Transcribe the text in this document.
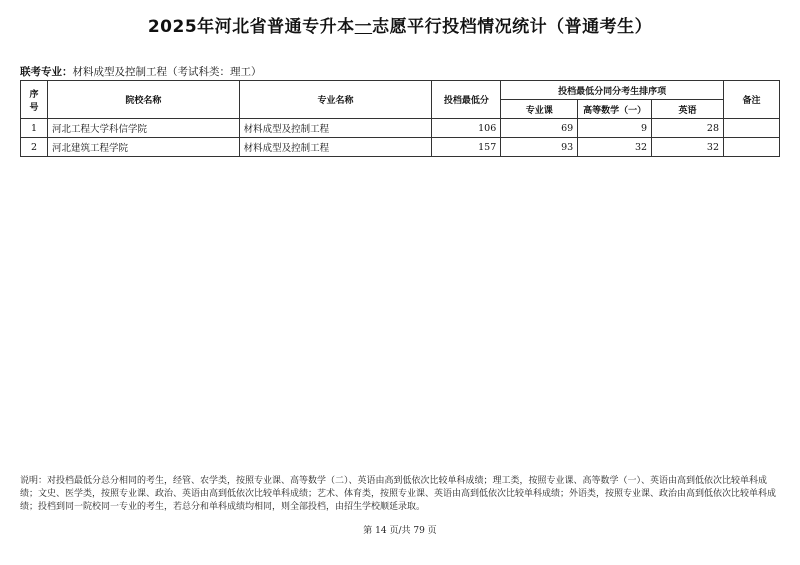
2025年河北省普通专升本一志愿平行投档情况统计（普通考生）
联考专业：材料成型及控制工程（考试科类：理工）
序号	院校名称	专业名称	投档最低分	投档最低分同分考生排序项			备注
				专业课	高等数学（一）	英语	
1	河北工程大学科信学院	材料成型及控制工程	106	69	9	28	
2	河北建筑工程学院	材料成型及控制工程	157	93	32	32	
说明：对投档最低分总分相同的考生，经管、农学类，按照专业课、高等数学（二）、英语由高到低依次比较单科成绩；理工类，按照专业课、高等数学（一）、英语由高到低依次比较单科成绩；文史、医学类，按照专业课、政治、英语由高到低依次比较单科成绩；艺术、体育类，按照专业课、英语由高到低依次比较单科成绩；外语类，按照专业课、政治由高到低依次比较单科成绩；投档到同一院校同一专业的考生，若总分和单科成绩均相同，则全部投档，由招生学校顺延录取。
第 14 页/共 79 页
